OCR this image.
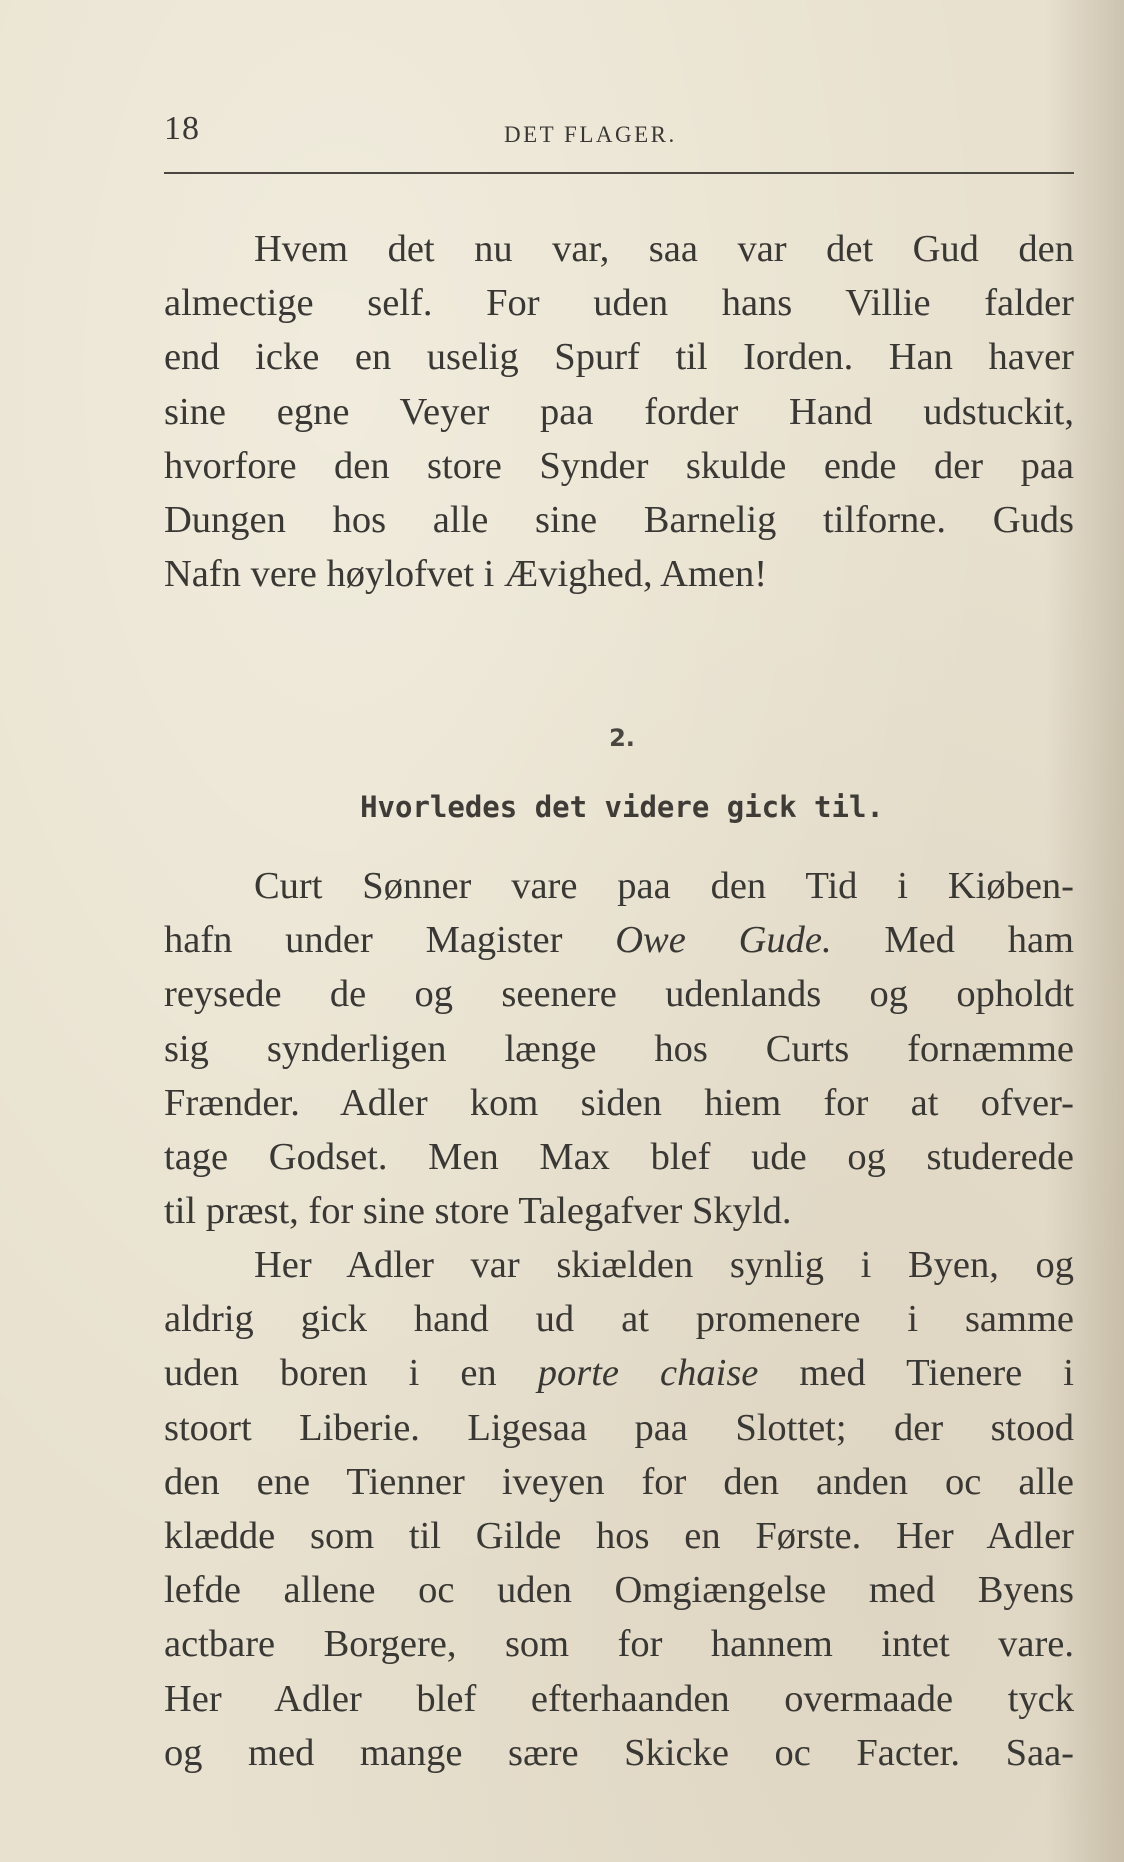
18	DET FLAGER.
Hvem det nu var, saa var det Gud den
almectige self. For uden hans Villie falder
end icke en uselig Spurf til Iorden. Han haver
sine egne Veyer paa forder Hand udstuckit,
hvorfore den store Synder skulde ende der paa
Dungen hos alle sine Barnelig tilforne. Guds
Nafn vere høylofvet i Ævighed, Amen!
2.
Hvorledes det videre gick til.
Curt Sønner vare paa den Tid i Kiøben-
hafn under Magister Owe Gude. Med ham
reysede de og seenere udenlands og opholdt
sig synderligen længe hos Curts fornæmme
Frænder. Adler kom siden hiem for at ofver-
tage Godset. Men Max blef ude og studerede
til præst, for sine store Talegafver Skyld.
Her Adler var skiælden synlig i Byen, og
aldrig gick hand ud at promenere i samme
uden boren i en porte chaise med Tienere i
stoort Liberie. Ligesaa paa Slottet; der stood
den ene Tienner iveyen for den anden oc alle
klædde som til Gilde hos en Første. Her Adler
lefde allene oc uden Omgiængelse med Byens
actbare Borgere, som for hannem intet vare.
Her Adler blef efterhaanden overmaade tyck
og med mange sære Skicke oc Facter. Saa-
